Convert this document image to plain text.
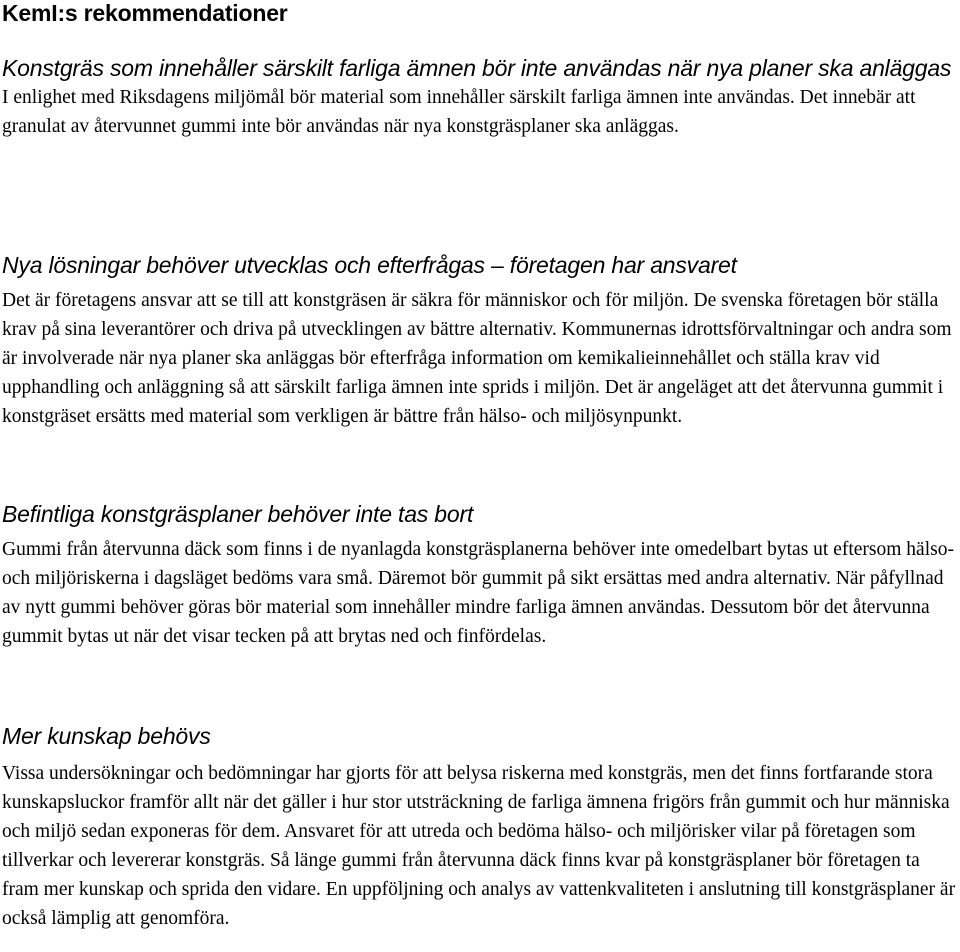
KemI:s rekommendationer
Konstgräs som innehåller särskilt farliga ämnen bör inte användas när nya planer ska anläggas

I enlighet med Riksdagens miljömål bör material som innehåller särskilt farliga ämnen inte användas. Det innebär att granulat av återvunnet gummi inte bör användas när nya konstgräsplaner ska anläggas.

Nya lösningar behöver utvecklas och efterfrågas – företagen har ansvaret

Det är företagens ansvar att se till att konstgräsen är säkra för människor och för miljön. De svenska företagen bör ställa krav på sina leverantörer och driva på utvecklingen av bättre alternativ. Kommunernas idrottsförvaltningar och andra som är involverade när nya planer ska anläggas bör efterfråga information om kemikalieinnehållet och ställa krav vid upphandling och anläggning så att särskilt farliga ämnen inte sprids i miljön. Det är angeläget att det återvunna gummit i konstgräset ersätts med material som verkligen är bättre från hälso- och miljösynpunkt.

Befintliga konstgräsplaner behöver inte tas bort

Gummi från återvunna däck som finns i de nyanlagda konstgräsplanerna behöver inte omedelbart bytas ut eftersom hälso- och miljöriskerna i dagsläget bedöms vara små. Däremot bör gummit på sikt ersättas med andra alternativ. När påfyllnad av nytt gummi behöver göras bör material som innehåller mindre farliga ämnen användas. Dessutom bör det återvunna gummit bytas ut när det visar tecken på att brytas ned och finfördelas.

Mer kunskap behövs

Vissa undersökningar och bedömningar har gjorts för att belysa riskerna med konstgräs, men det finns fortfarande stora kunskapsluckor framför allt när det gäller i hur stor utsträckning de farliga ämnena frigörs från gummit och hur människa och miljö sedan exponeras för dem. Ansvaret för att utreda och bedöma hälso- och miljörisker vilar på företagen som tillverkar och levererar konstgräs. Så länge gummi från återvunna däck finns kvar på konstgräsplaner bör företagen ta fram mer kunskap och sprida den vidare. En uppföljning och analys av vattenkvaliteten i anslutning till konstgräsplaner är också lämplig att genomföra.
